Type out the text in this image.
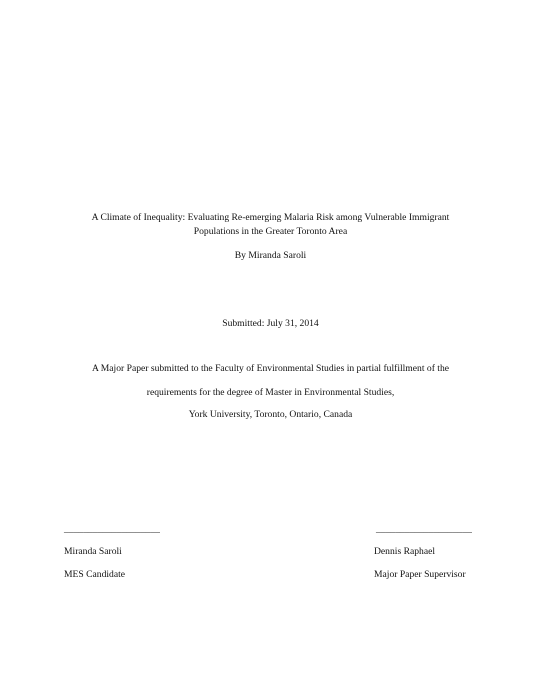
A Climate of Inequality: Evaluating Re-emerging Malaria Risk among Vulnerable Immigrant
Populations in the Greater Toronto Area
By Miranda Saroli
Submitted: July 31, 2014
A Major Paper submitted to the Faculty of Environmental Studies in partial fulfillment of the
requirements for the degree of Master in Environmental Studies,
York University, Toronto, Ontario, Canada
____________________
Miranda Saroli
MES Candidate
____________________
Dennis Raphael
Major Paper Supervisor
